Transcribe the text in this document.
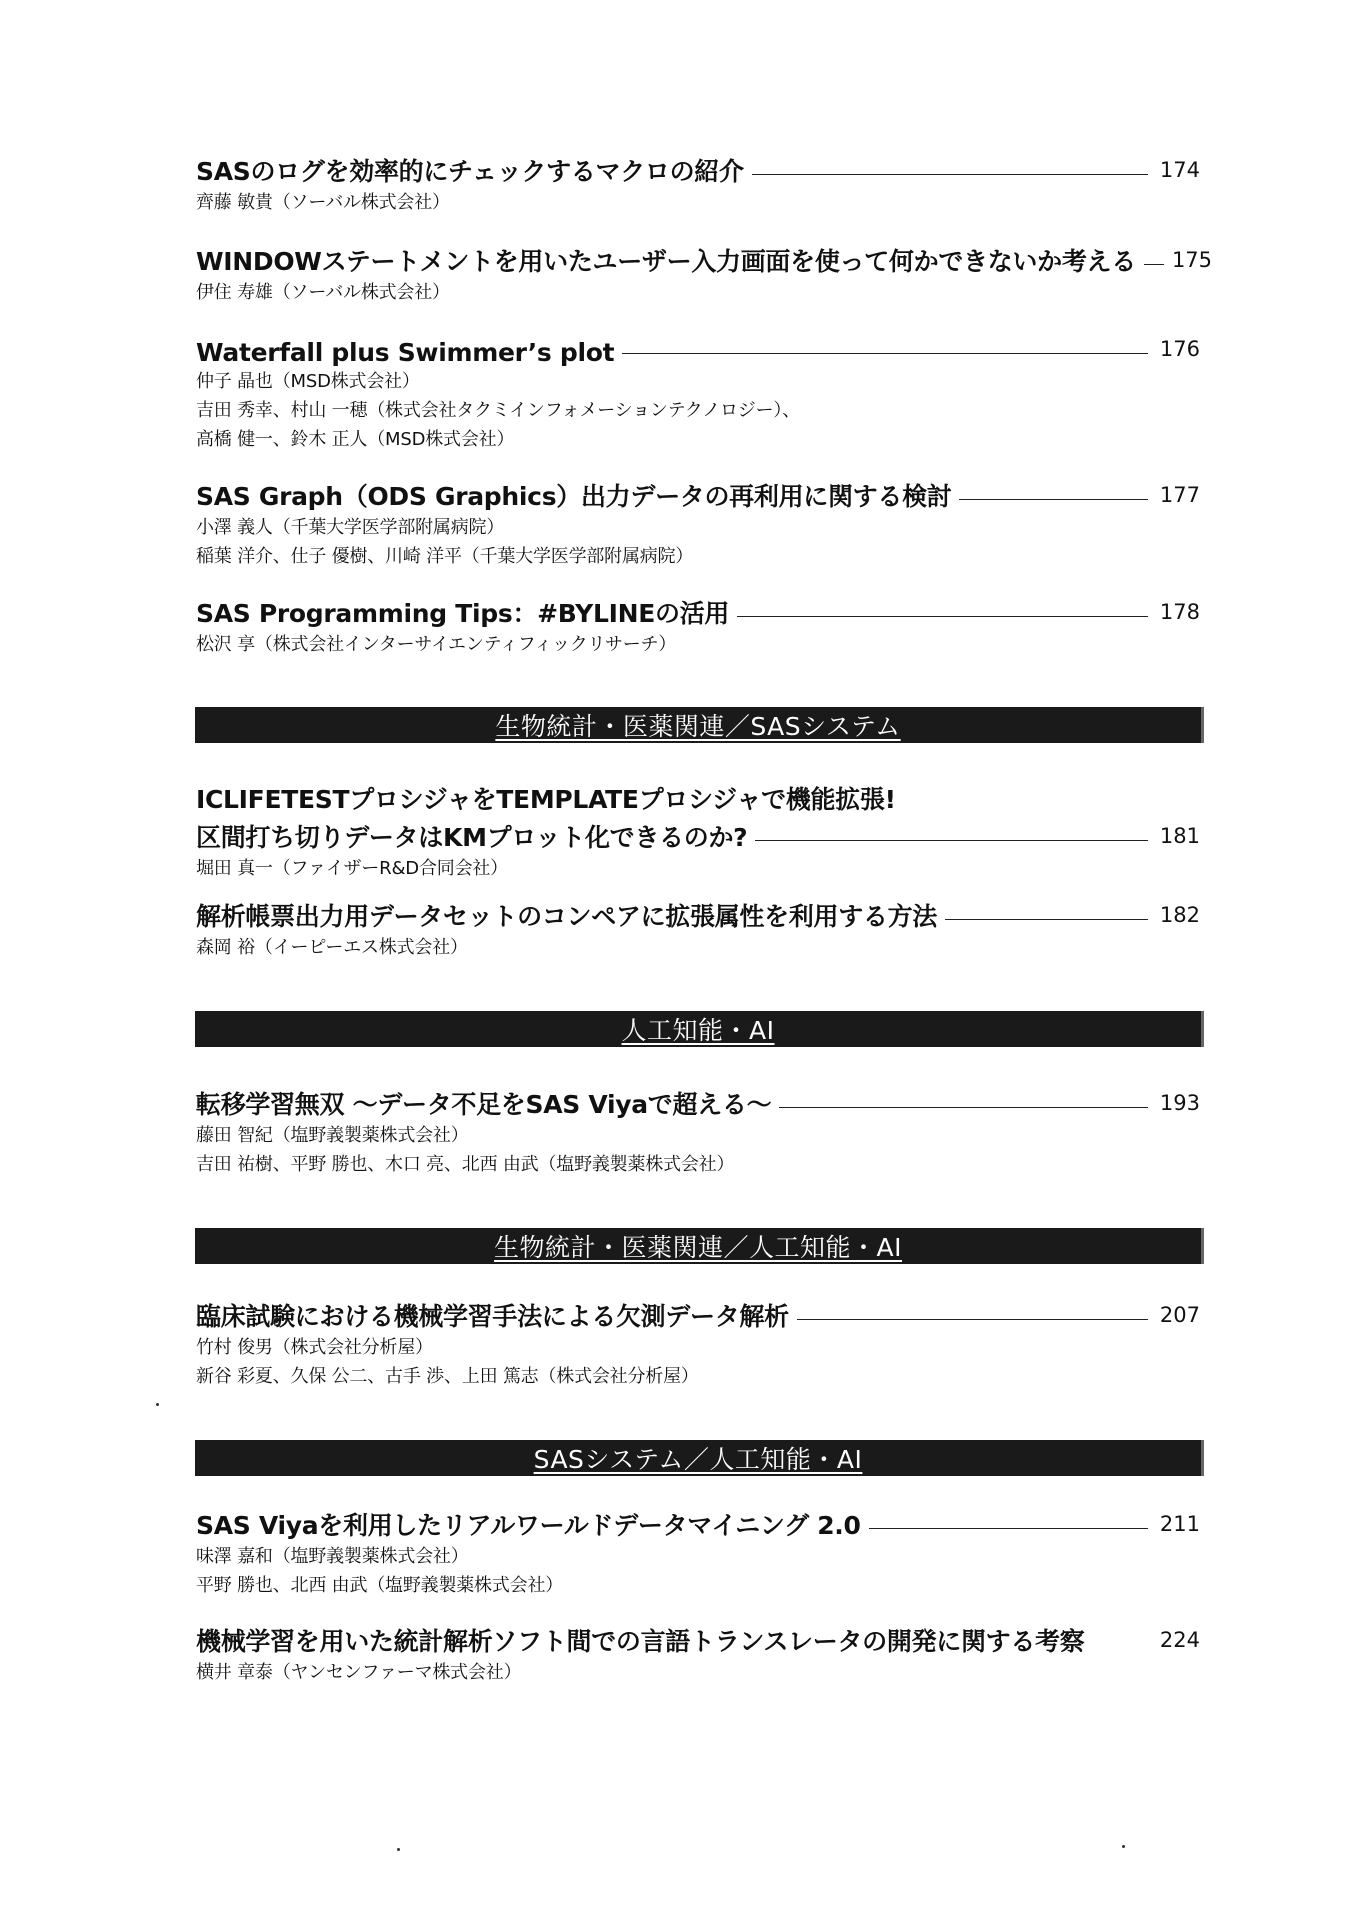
SASのログを効率的にチェックするマクロの紹介	174
齊藤 敏貴（ソーバル株式会社）
WINDOWステートメントを用いたユーザー入力画面を使って何かできないか考える 175
伊住 寿雄（ソーバル株式会社）
Waterfall plus Swimmer’s plot	176
仲子 晶也（MSD株式会社）
吉田 秀幸、村山 一穂（株式会社タクミインフォメーションテクノロジー）、
高橋 健一、鈴木 正人（MSD株式会社）
SAS Graph（ODS Graphics）出力データの再利用に関する検討	177
小澤 義人（千葉大学医学部附属病院）
稲葉 洋介、仕子 優樹、川崎 洋平（千葉大学医学部附属病院）
SAS Programming Tips：#BYLINEの活用	178
松沢 享（株式会社インターサイエンティフィックリサーチ）
生物統計・医薬関連／SASシステム
ICLIFETESTプロシジャをTEMPLATEプロシジャで機能拡張!
区間打ち切りデータはKMプロット化できるのか?	181
堀田 真一（ファイザーR&D合同会社）
解析帳票出力用データセットのコンペアに拡張属性を利用する方法	182
森岡 裕（イーピーエス株式会社）
人工知能・AI
転移学習無双 ～データ不足をSAS Viyaで超える～	193
藤田 智紀（塩野義製薬株式会社）
吉田 祐樹、平野 勝也、木口 亮、北西 由武（塩野義製薬株式会社）
生物統計・医薬関連／人工知能・AI
臨床試験における機械学習手法による欠測データ解析	207
竹村 俊男（株式会社分析屋）
新谷 彩夏、久保 公二、古手 渉、上田 篤志（株式会社分析屋）
SASシステム／人工知能・AI
SAS Viyaを利用したリアルワールドデータマイニング 2.0	211
味澤 嘉和（塩野義製薬株式会社）
平野 勝也、北西 由武（塩野義製薬株式会社）
機械学習を用いた統計解析ソフト間での言語トランスレータの開発に関する考察	224
横井 章泰（ヤンセンファーマ株式会社）
